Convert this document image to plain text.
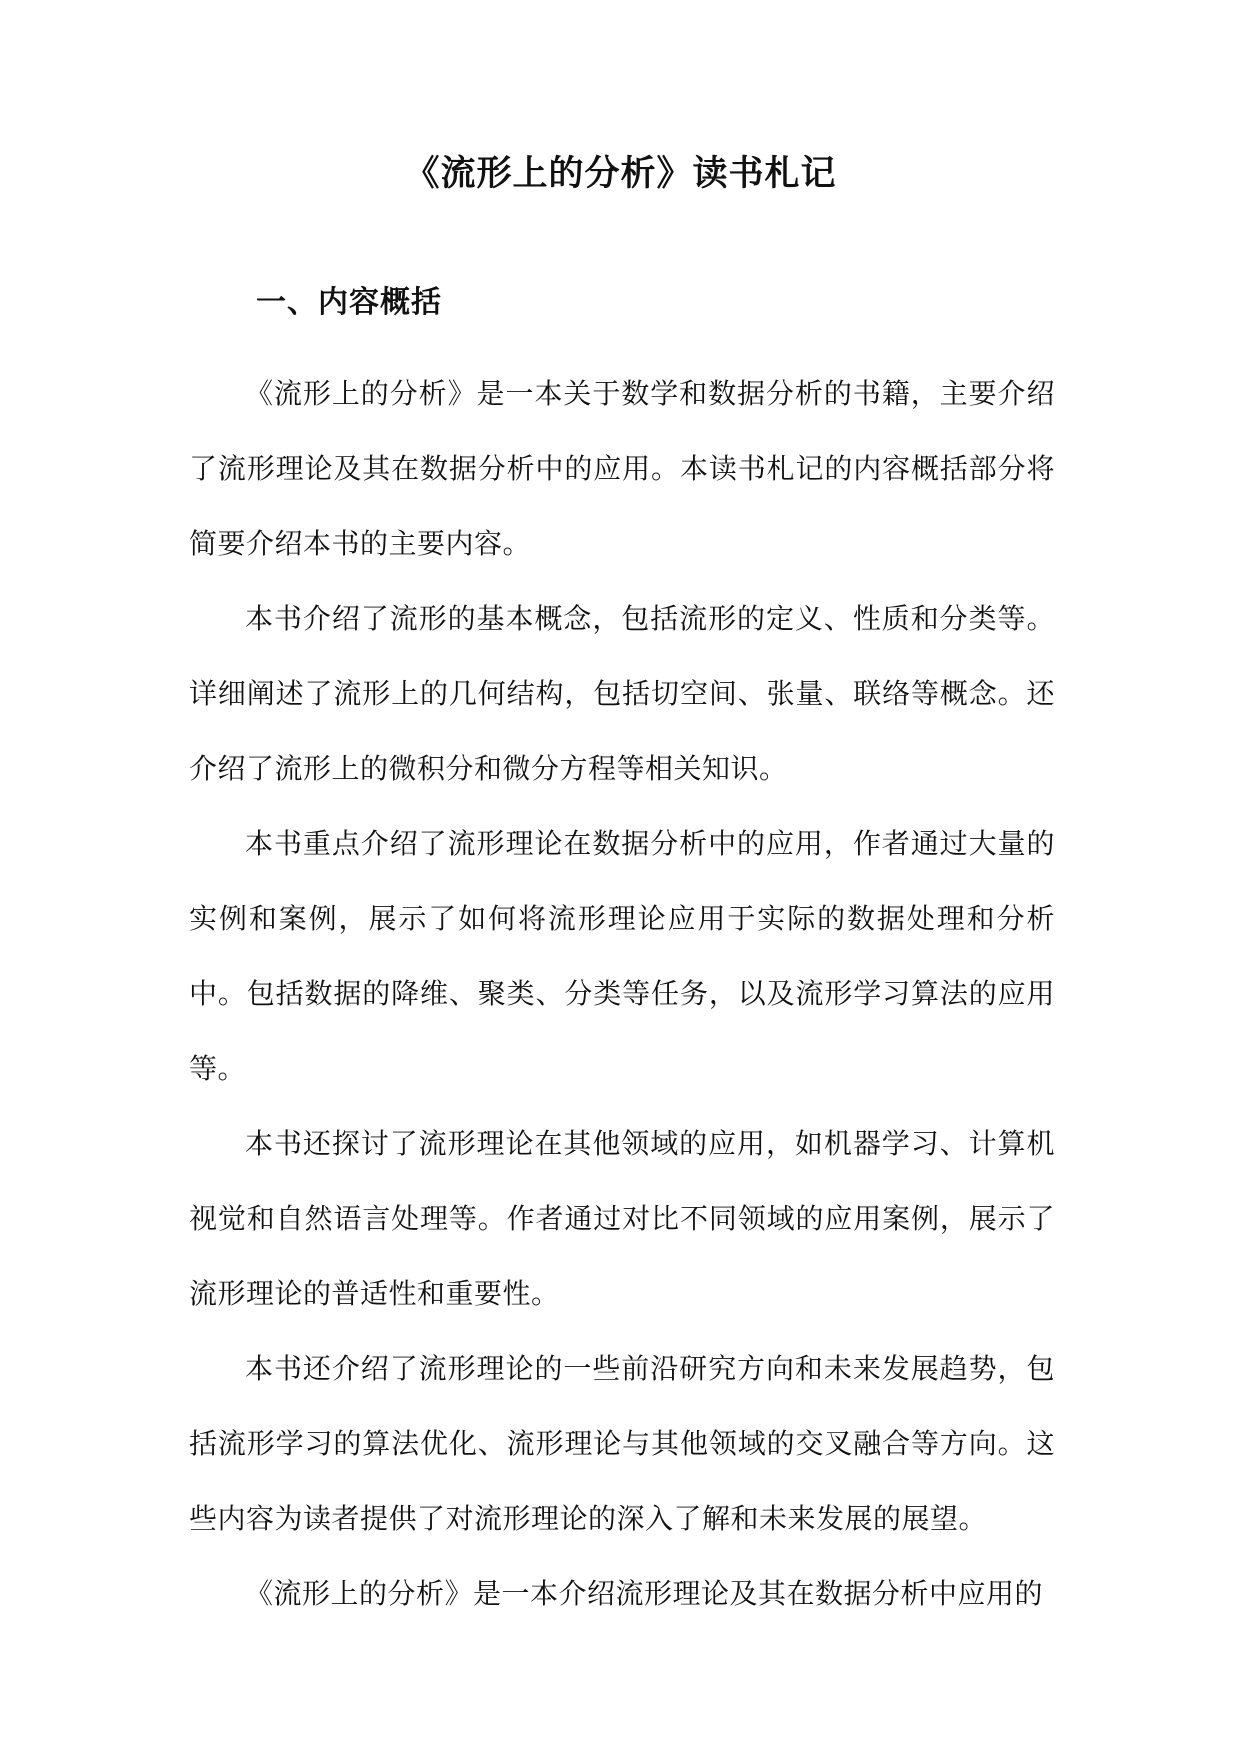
《流形上的分析》读书札记
一、内容概括

《流形上的分析》是一本关于数学和数据分析的书籍，主要介绍了流形理论及其在数据分析中的应用。本读书札记的内容概括部分将简要介绍本书的主要内容。

本书介绍了流形的基本概念，包括流形的定义、性质和分类等。详细阐述了流形上的几何结构，包括切空间、张量、联络等概念。还介绍了流形上的微积分和微分方程等相关知识。

本书重点介绍了流形理论在数据分析中的应用，作者通过大量的实例和案例，展示了如何将流形理论应用于实际的数据处理和分析中。包括数据的降维、聚类、分类等任务，以及流形学习算法的应用等。

本书还探讨了流形理论在其他领域的应用，如机器学习、计算机视觉和自然语言处理等。作者通过对比不同领域的应用案例，展示了流形理论的普适性和重要性。

本书还介绍了流形理论的一些前沿研究方向和未来发展趋势，包括流形学习的算法优化、流形理论与其他领域的交叉融合等方向。这些内容为读者提供了对流形理论的深入了解和未来发展的展望。

《流形上的分析》是一本介绍流形理论及其在数据分析中应用的
